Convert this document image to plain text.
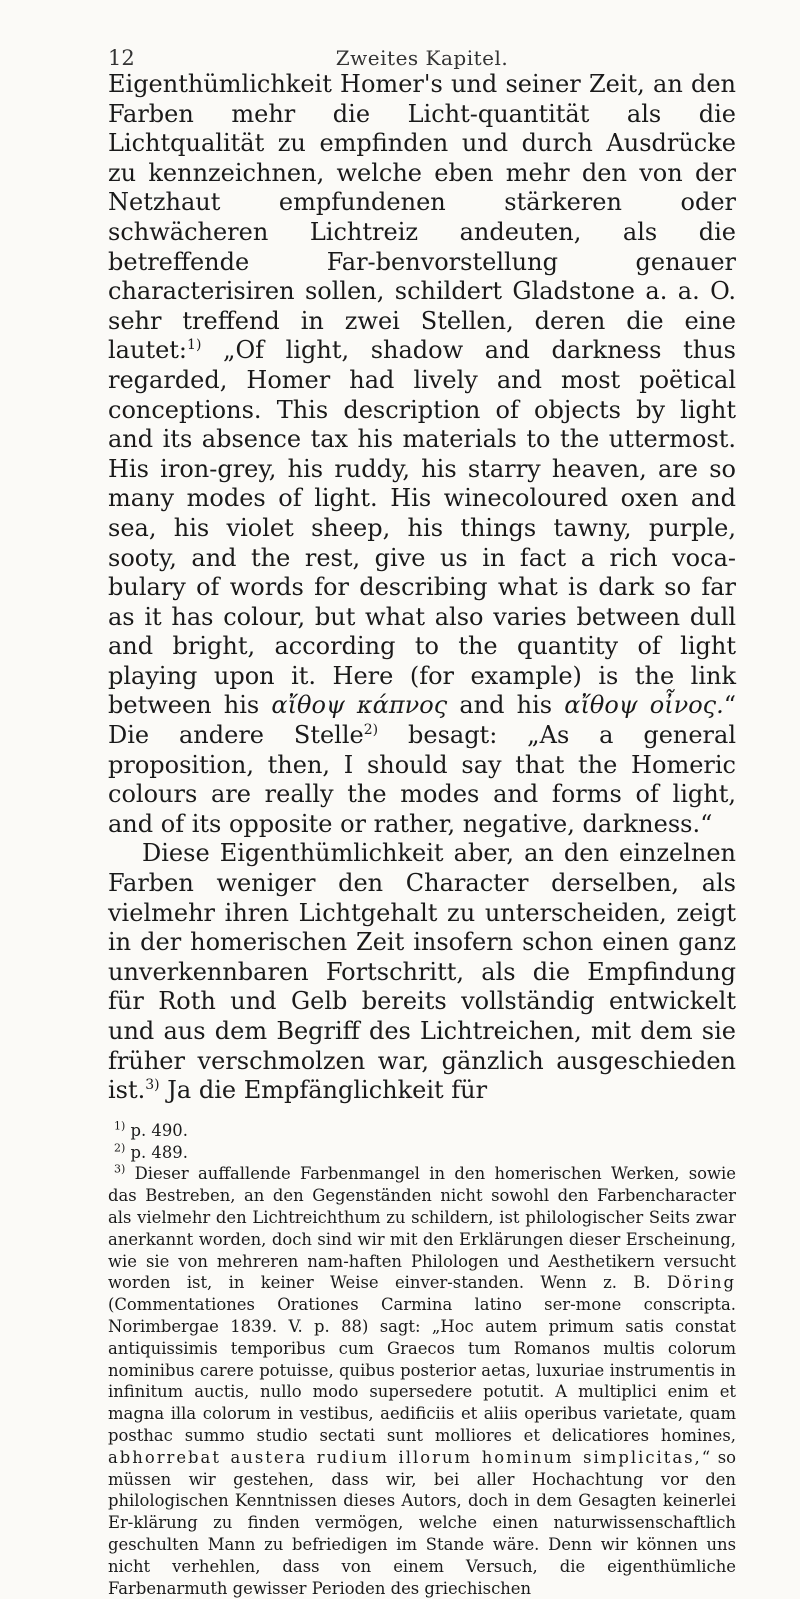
12	Zweites Kapitel.

Eigenthümlichkeit Homer's und seiner Zeit, an den Farben mehr die Licht-quantität als die Lichtqualität zu empfinden und durch Ausdrücke zu kennzeichnen, welche eben mehr den von der Netzhaut empfundenen stärkeren oder schwächeren Lichtreiz andeuten, als die betreffende Far-benvorstellung genauer characterisiren sollen, schildert Gladstone a. a. O. sehr treffend in zwei Stellen, deren die eine lautet:$^{1)}$ „Of light, shadow and darkness thus regarded, Homer had lively and most poëtical conceptions. This description of objects by light and its absence tax his materials to the uttermost. His iron-grey, his ruddy, his starry heaven, are so many modes of light. His winecoloured oxen and sea, his violet sheep, his things tawny, purple, sooty, and the rest, give us in fact a rich voca-bulary of words for describing what is dark so far as it has colour, but what also varies between dull and bright, according to the quantity of light playing upon it. Here (for example) is the link between his αἴθοψ κάπνος and his αἴθοψ οἶνος.“ Die andere Stelle$^{2)}$ besagt: „As a general proposition, then, I should say that the Homeric colours are really the modes and forms of light, and of its opposite or rather, negative, darkness.“

Diese Eigenthümlichkeit aber, an den einzelnen Farben weniger den Character derselben, als vielmehr ihren Lichtgehalt zu unterscheiden, zeigt in der homerischen Zeit insofern schon einen ganz unverkennbaren Fortschritt, als die Empfindung für Roth und Gelb bereits vollständig entwickelt und aus dem Begriff des Lichtreichen, mit dem sie früher verschmolzen war, gänzlich ausgeschieden ist.$^{3)}$ Ja die Empfänglichkeit für

$^{1)}$ p. 490.

$^{2)}$ p. 489.

$^{3)}$ Dieser auffallende Farbenmangel in den homerischen Werken, sowie das Bestreben, an den Gegenständen nicht sowohl den Farbencharacter als vielmehr den Lichtreichthum zu schildern, ist philologischer Seits zwar anerkannt worden, doch sind wir mit den Erklärungen dieser Erscheinung, wie sie von mehreren nam-haften Philologen und Aesthetikern versucht worden ist, in keiner Weise einver-standen. Wenn z. B. Döring (Commentationes Orationes Carmina latino ser-mone conscripta. Norimbergae 1839. V. p. 88) sagt: „Hoc autem primum satis constat antiquissimis temporibus cum Graecos tum Romanos multis colorum nominibus carere potuisse, quibus posterior aetas, luxuriae instrumentis in infinitum auctis, nullo modo supersedere potutit. A multiplici enim et magna illa colorum in vestibus, aedificiis et aliis operibus varietate, quam posthac summo studio sectati sunt molliores et delicatiores homines, abhorrebat austera rudium illorum hominum simplicitas,“ so müssen wir gestehen, dass wir, bei aller Hochachtung vor den philologischen Kenntnissen dieses Autors, doch in dem Gesagten keinerlei Er-klärung zu finden vermögen, welche einen naturwissenschaftlich geschulten Mann zu befriedigen im Stande wäre. Denn wir können uns nicht verhehlen, dass von einem Versuch, die eigenthümliche Farbenarmuth gewisser Perioden des griechischen
